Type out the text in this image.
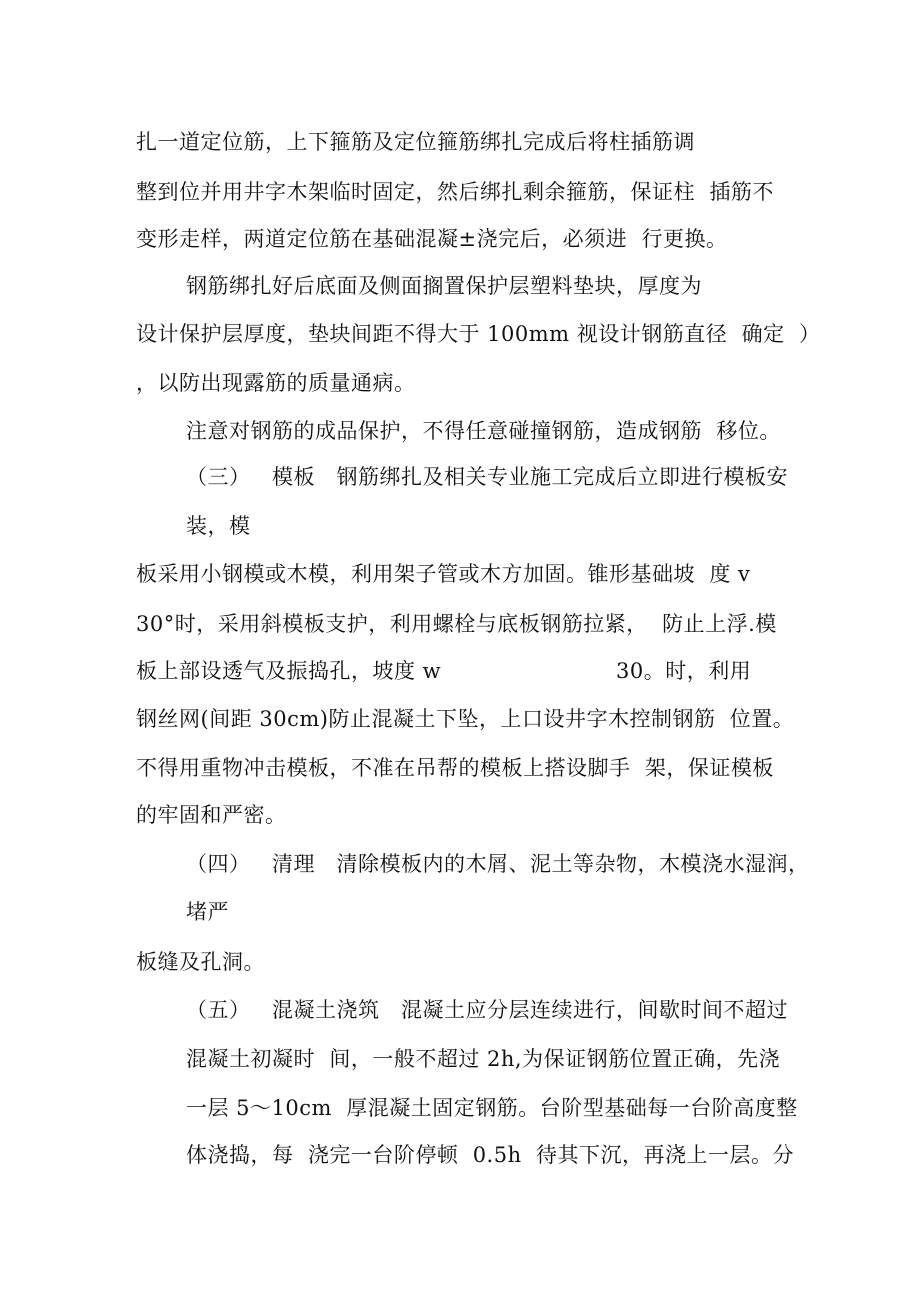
扎一道定位筋，上下箍筋及定位箍筋绑扎完成后将柱插筋调
整到位并用井字木架临时固定，然后绑扎剩余箍筋，保证柱  插筋不
变形走样，两道定位筋在基础混凝±浇完后，必须进  行更换。
钢筋绑扎好后底面及侧面搁置保护层塑料垫块，厚度为
设计保护层厚度，垫块间距不得大于 100mm 视设计钢筋直径  确定  ）
，以防出现露筋的质量通病。
注意对钢筋的成品保护，不得任意碰撞钢筋，造成钢筋  移位。
（三）   模板   钢筋绑扎及相关专业施工完成后立即进行模板安
装，模
板采用小钢模或木模，利用架子管或木方加固。锥形基础坡  度 v
30°时，采用斜模板支护，利用螺栓与底板钢筋拉紧，  防止上浮.模
板上部设透气及振捣孔，坡度 w	30。时，利用
钢丝网(间距 30cm)防止混凝土下坠，上口设井字木控制钢筋  位置。
不得用重物冲击模板，不准在吊帮的模板上搭设脚手  架，保证模板
的牢固和严密。
（四）   清理   清除模板内的木屑、泥土等杂物，木模浇水湿润，
堵严
板缝及孔洞。
（五）   混凝土浇筑   混凝土应分层连续进行，间歇时间不超过
混凝土初凝时  间，一般不超过 2h,为保证钢筋位置正确，先浇
一层 5～10cm  厚混凝土固定钢筋。台阶型基础每一台阶高度整
体浇捣，每  浇完一台阶停顿  0.5h  待其下沉，再浇上一层。分
